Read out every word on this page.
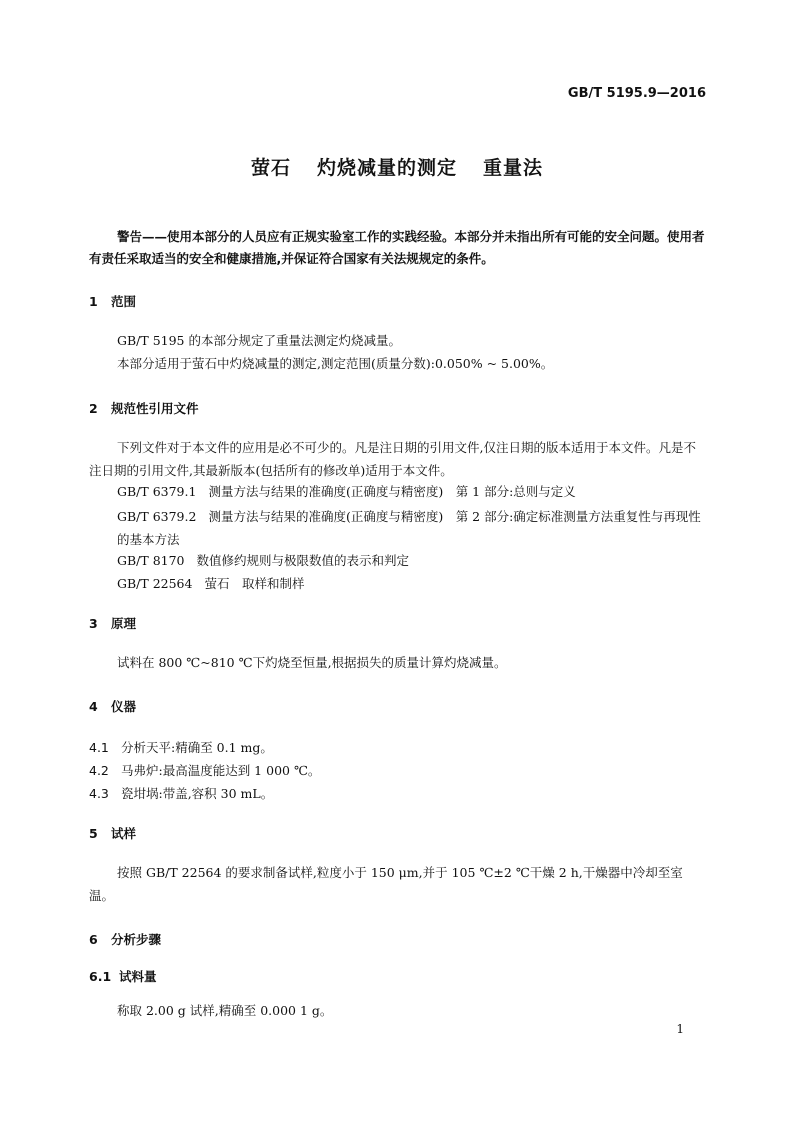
GB/T 5195.9—2016
萤石 灼烧减量的测定 重量法
警告——使用本部分的人员应有正规实验室工作的实践经验。本部分并未指出所有可能的安全问题。使用者有责任采取适当的安全和健康措施,并保证符合国家有关法规规定的条件。
1 范围
GB/T 5195 的本部分规定了重量法测定灼烧减量。
本部分适用于萤石中灼烧减量的测定,测定范围(质量分数):0.050% ~ 5.00%。
2 规范性引用文件
下列文件对于本文件的应用是必不可少的。凡是注日期的引用文件,仅注日期的版本适用于本文件。凡是不注日期的引用文件,其最新版本(包括所有的修改单)适用于本文件。
GB/T 6379.1 测量方法与结果的准确度(正确度与精密度)　第 1 部分:总则与定义
GB/T 6379.2 测量方法与结果的准确度(正确度与精密度)　第 2 部分:确定标准测量方法重复性与再现性的基本方法
GB/T 8170 数值修约规则与极限数值的表示和判定
GB/T 22564 萤石　取样和制样
3 原理
试料在 800 ℃~810 ℃下灼烧至恒量,根据损失的质量计算灼烧减量。
4 仪器
4.1 分析天平:精确至 0.1 mg。
4.2 马弗炉:最高温度能达到 1 000 ℃。
4.3 瓷坩埚:带盖,容积 30 mL。
5 试样
按照 GB/T 22564 的要求制备试样,粒度小于 150 μm,并于 105 ℃±2 ℃干燥 2 h,干燥器中冷却至室温。
6 分析步骤
6.1 试料量
称取 2.00 g 试样,精确至 0.000 1 g。
1
